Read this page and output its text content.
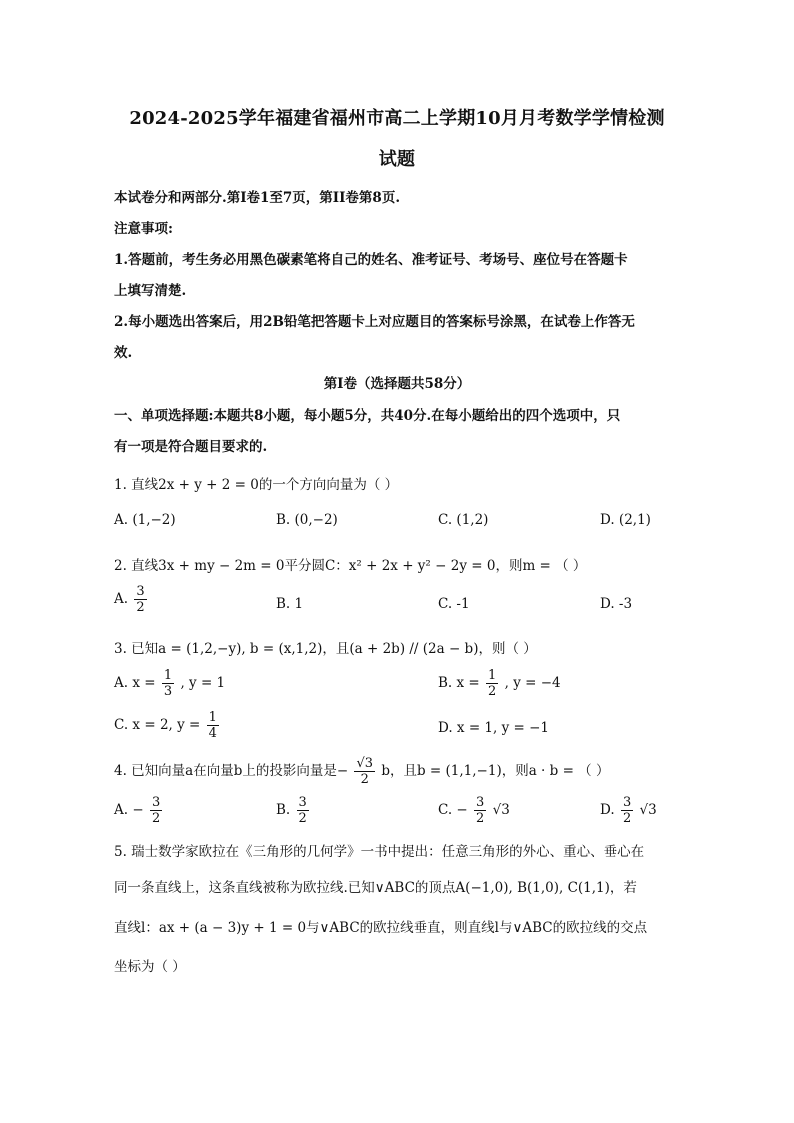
2024-2025学年福建省福州市高二上学期10月月考数学学情检测
试题
本试卷分和两部分.第I卷1至7页，第II卷第8页.
注意事项:
1.答题前，考生务必用黑色碳素笔将自己的姓名、准考证号、考场号、座位号在答题卡
上填写清楚.
2.每小题选出答案后，用2B铅笔把答题卡上对应题目的答案标号涂黑，在试卷上作答无
效.
第I卷（选择题共58分）
一、单项选择题:本题共8小题，每小题5分，共40分.在每小题给出的四个选项中，只
有一项是符合题目要求的.
1. 直线2x + y + 2 = 0的一个方向向量为（ ）
A. (1,−2)	B. (0,−2)	C. (1,2)	D. (2,1)
2. 直线3x + my − 2m = 0平分圆C：x² + 2x + y² − 2y = 0，则m = （ ）
A. $\frac{3}{2}$	B. 1	C. -1	D. -3
3. 已知a = (1,2,−y), b = (x,1,2)，且(a + 2b) // (2a − b)，则（ ）
A. $x = \frac{1}{3}$ , y = 1	B. $x = \frac{1}{2}$ , y = −4
C. x = 2, $y = \frac{1}{4}$	D. x = 1, y = −1
4. 已知向量a在向量b上的投影向量是− $\frac{√3}{2}$ b，且b = (1,1,−1)，则a · b = （ ）
A. − $\frac{3}{2}$	B. $\frac{3}{2}$	C. − $\frac{3}{2} √3$	D. $\frac{3}{2} √3$
5. 瑞士数学家欧拉在《三角形的几何学》一书中提出：任意三角形的外心、重心、垂心在
同一条直线上，这条直线被称为欧拉线.已知∨ABC的顶点A(−1,0), B(1,0), C(1,1)，若
直线l：ax + (a − 3)y + 1 = 0与∨ABC的欧拉线垂直，则直线l与∨ABC的欧拉线的交点
坐标为（ ）
